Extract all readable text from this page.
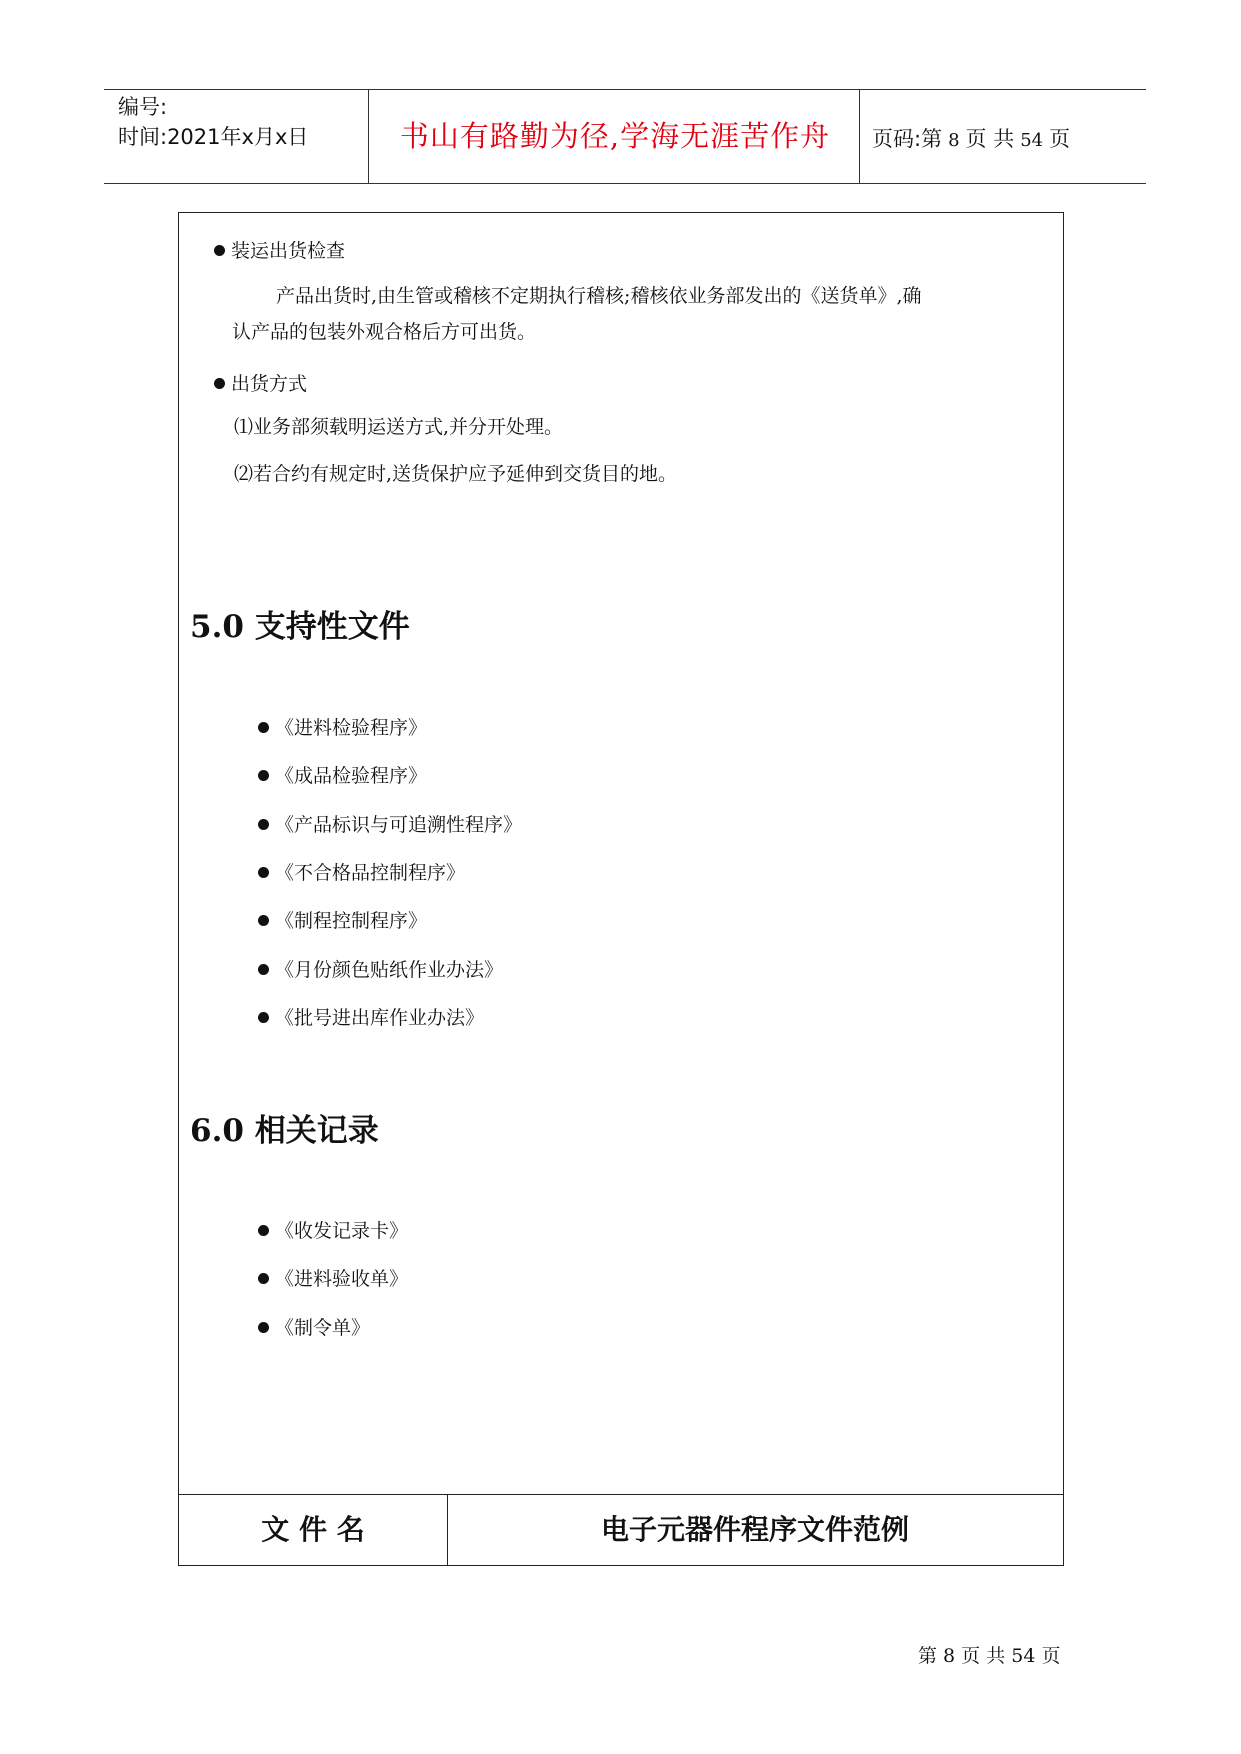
编号:
时间:2021年x月x日	书山有路勤为径,学海无涯苦作舟	页码:第 8 页 共 54 页
文 件 名	电子元器件程序文件范例
装运出货检查
产品出货时,由生管或稽核不定期执行稽核;稽核依业务部发出的《送货单》,确
认产品的包装外观合格后方可出货。
出货方式
⑴业务部须载明运送方式,并分开处理。
⑵若合约有规定时,送货保护应予延伸到交货目的地。
5.0 支持性文件
《进料检验程序》
《成品检验程序》
《产品标识与可追溯性程序》
《不合格品控制程序》
《制程控制程序》
《月份颜色贴纸作业办法》
《批号进出库作业办法》
6.0 相关记录
《收发记录卡》
《进料验收单》
《制令单》
第 8 页 共 54 页
